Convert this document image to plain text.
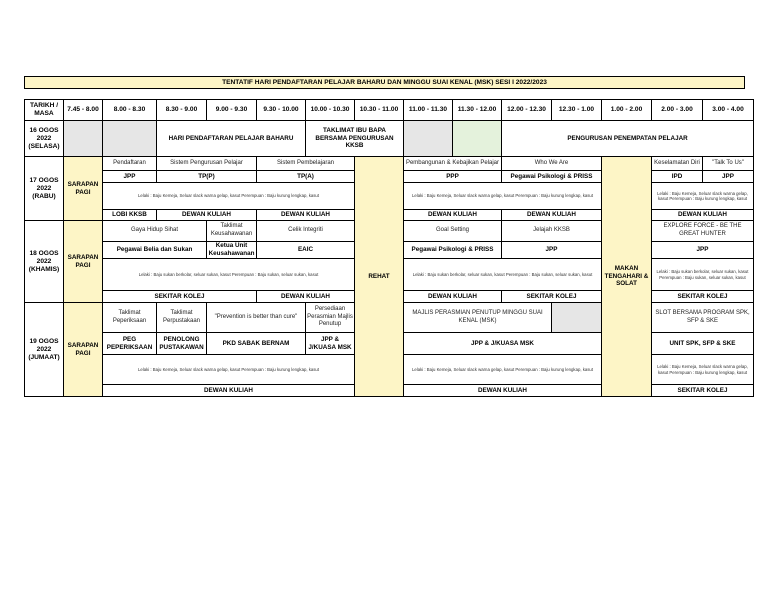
TENTATIF HARI PENDAFTARAN PELAJAR BAHARU DAN MINGGU SUAI KENAL (MSK) SESI I 2022/2023
TARIKH / MASA	7.45 - 8.00	8.00 - 8.30	8.30 - 9.00	9.00 - 9.30	9.30 - 10.00	10.00 - 10.30	10.30 - 11.00	11.00 - 11.30	11.30 - 12.00	12.00 - 12.30	12.30 - 1.00	1.00 - 2.00	2.00 - 3.00	3.00 - 4.00
16 OGOS 2022 (SELASA)			HARI PENDAFTARAN PELAJAR BAHARU			TAKLIMAT IBU BAPA BERSAMA PENGURUSAN KKSB				PENGURUSAN PENEMPATAN PELAJAR				
17 OGOS 2022 (RABU)	SARAPAN PAGI	Pendaftaran	Sistem Pengurusan Pelajar		Sistem Pembelajaran		REHAT	Pembangunan & Kebajikan Pelajar		Who We Are		MAKAN TENGAHARI & SOLAT	Keselamatan Diri	"Talk To Us"
		JPP	TP(P)		TP(A)			PPP		Pegawai Psikologi & PRISS			IPD	JPP
		Lelaki : Baju Kemeja, Seluar slack warna gelap, kasut Perempuan : Baju kurung lengkap, kasut						Lelaki : Baju Kemeja, Seluar slack warna gelap, kasut Perempuan : Baju kurung lengkap, kasut					Lelaki : Baju Kemeja, Seluar slack warna gelap, kasut Perempuan : Baju kurung lengkap, kasut	
		LOBI KKSB	DEWAN KULIAH		DEWAN KULIAH			DEWAN KULIAH		DEWAN KULIAH			DEWAN KULIAH	
18 OGOS 2022 (KHAMIS)	SARAPAN PAGI	Gaya Hidup Sihat		Taklimat Keusahawanan	Celik Integriti			Goal Setting		Jelajah KKSB			EXPLORE FORCE - BE THE GREAT HUNTER	
		Pegawai Belia dan Sukan		Ketua Unit Keusahawanan	EAIC			Pegawai Psikologi & PRISS		JPP			JPP	
		Lelaki : Baju sukan berkolar, seluar sukan, kasut Perempuan : Baju sukan, seluar sukan, kasut						Lelaki : Baju sukan berkolar, seluar sukan, kasut Perempuan : Baju sukan, seluar sukan, kasut					Lelaki : Baju sukan berkolar, seluar sukan, kasut Perempuan : Baju sukan, seluar sukan, kasut	
		SEKITAR KOLEJ			DEWAN KULIAH			DEWAN KULIAH		SEKITAR KOLEJ			SEKITAR KOLEJ	
19 OGOS 2022 (JUMAAT)	SARAPAN PAGI	Taklimat Peperiksaan	Taklimat Perpustakaan	"Prevention is better than cure"		Persediaan Perasmian Majlis Penutup		MAJLIS PERASMIAN PENUTUP MINGGU SUAI KENAL (MSK)					SLOT BERSAMA PROGRAM SPK, SFP & SKE	
		PEG PEPERIKSAAN	PENOLONG PUSTAKAWAN	PKD SABAK BERNAM		JPP & J/KUASA MSK		JPP & J/KUASA MSK					UNIT SPK, SFP & SKE	
		Lelaki : Baju Kemeja, Seluar slack warna gelap, kasut Perempuan : Baju kurung lengkap, kasut						Lelaki : Baju Kemeja, Seluar slack warna gelap, kasut Perempuan : Baju kurung lengkap, kasut					Lelaki : Baju Kemeja, Seluar slack warna gelap, kasut Perempuan : Baju kurung lengkap, kasut	
		DEWAN KULIAH						DEWAN KULIAH					SEKITAR KOLEJ	
